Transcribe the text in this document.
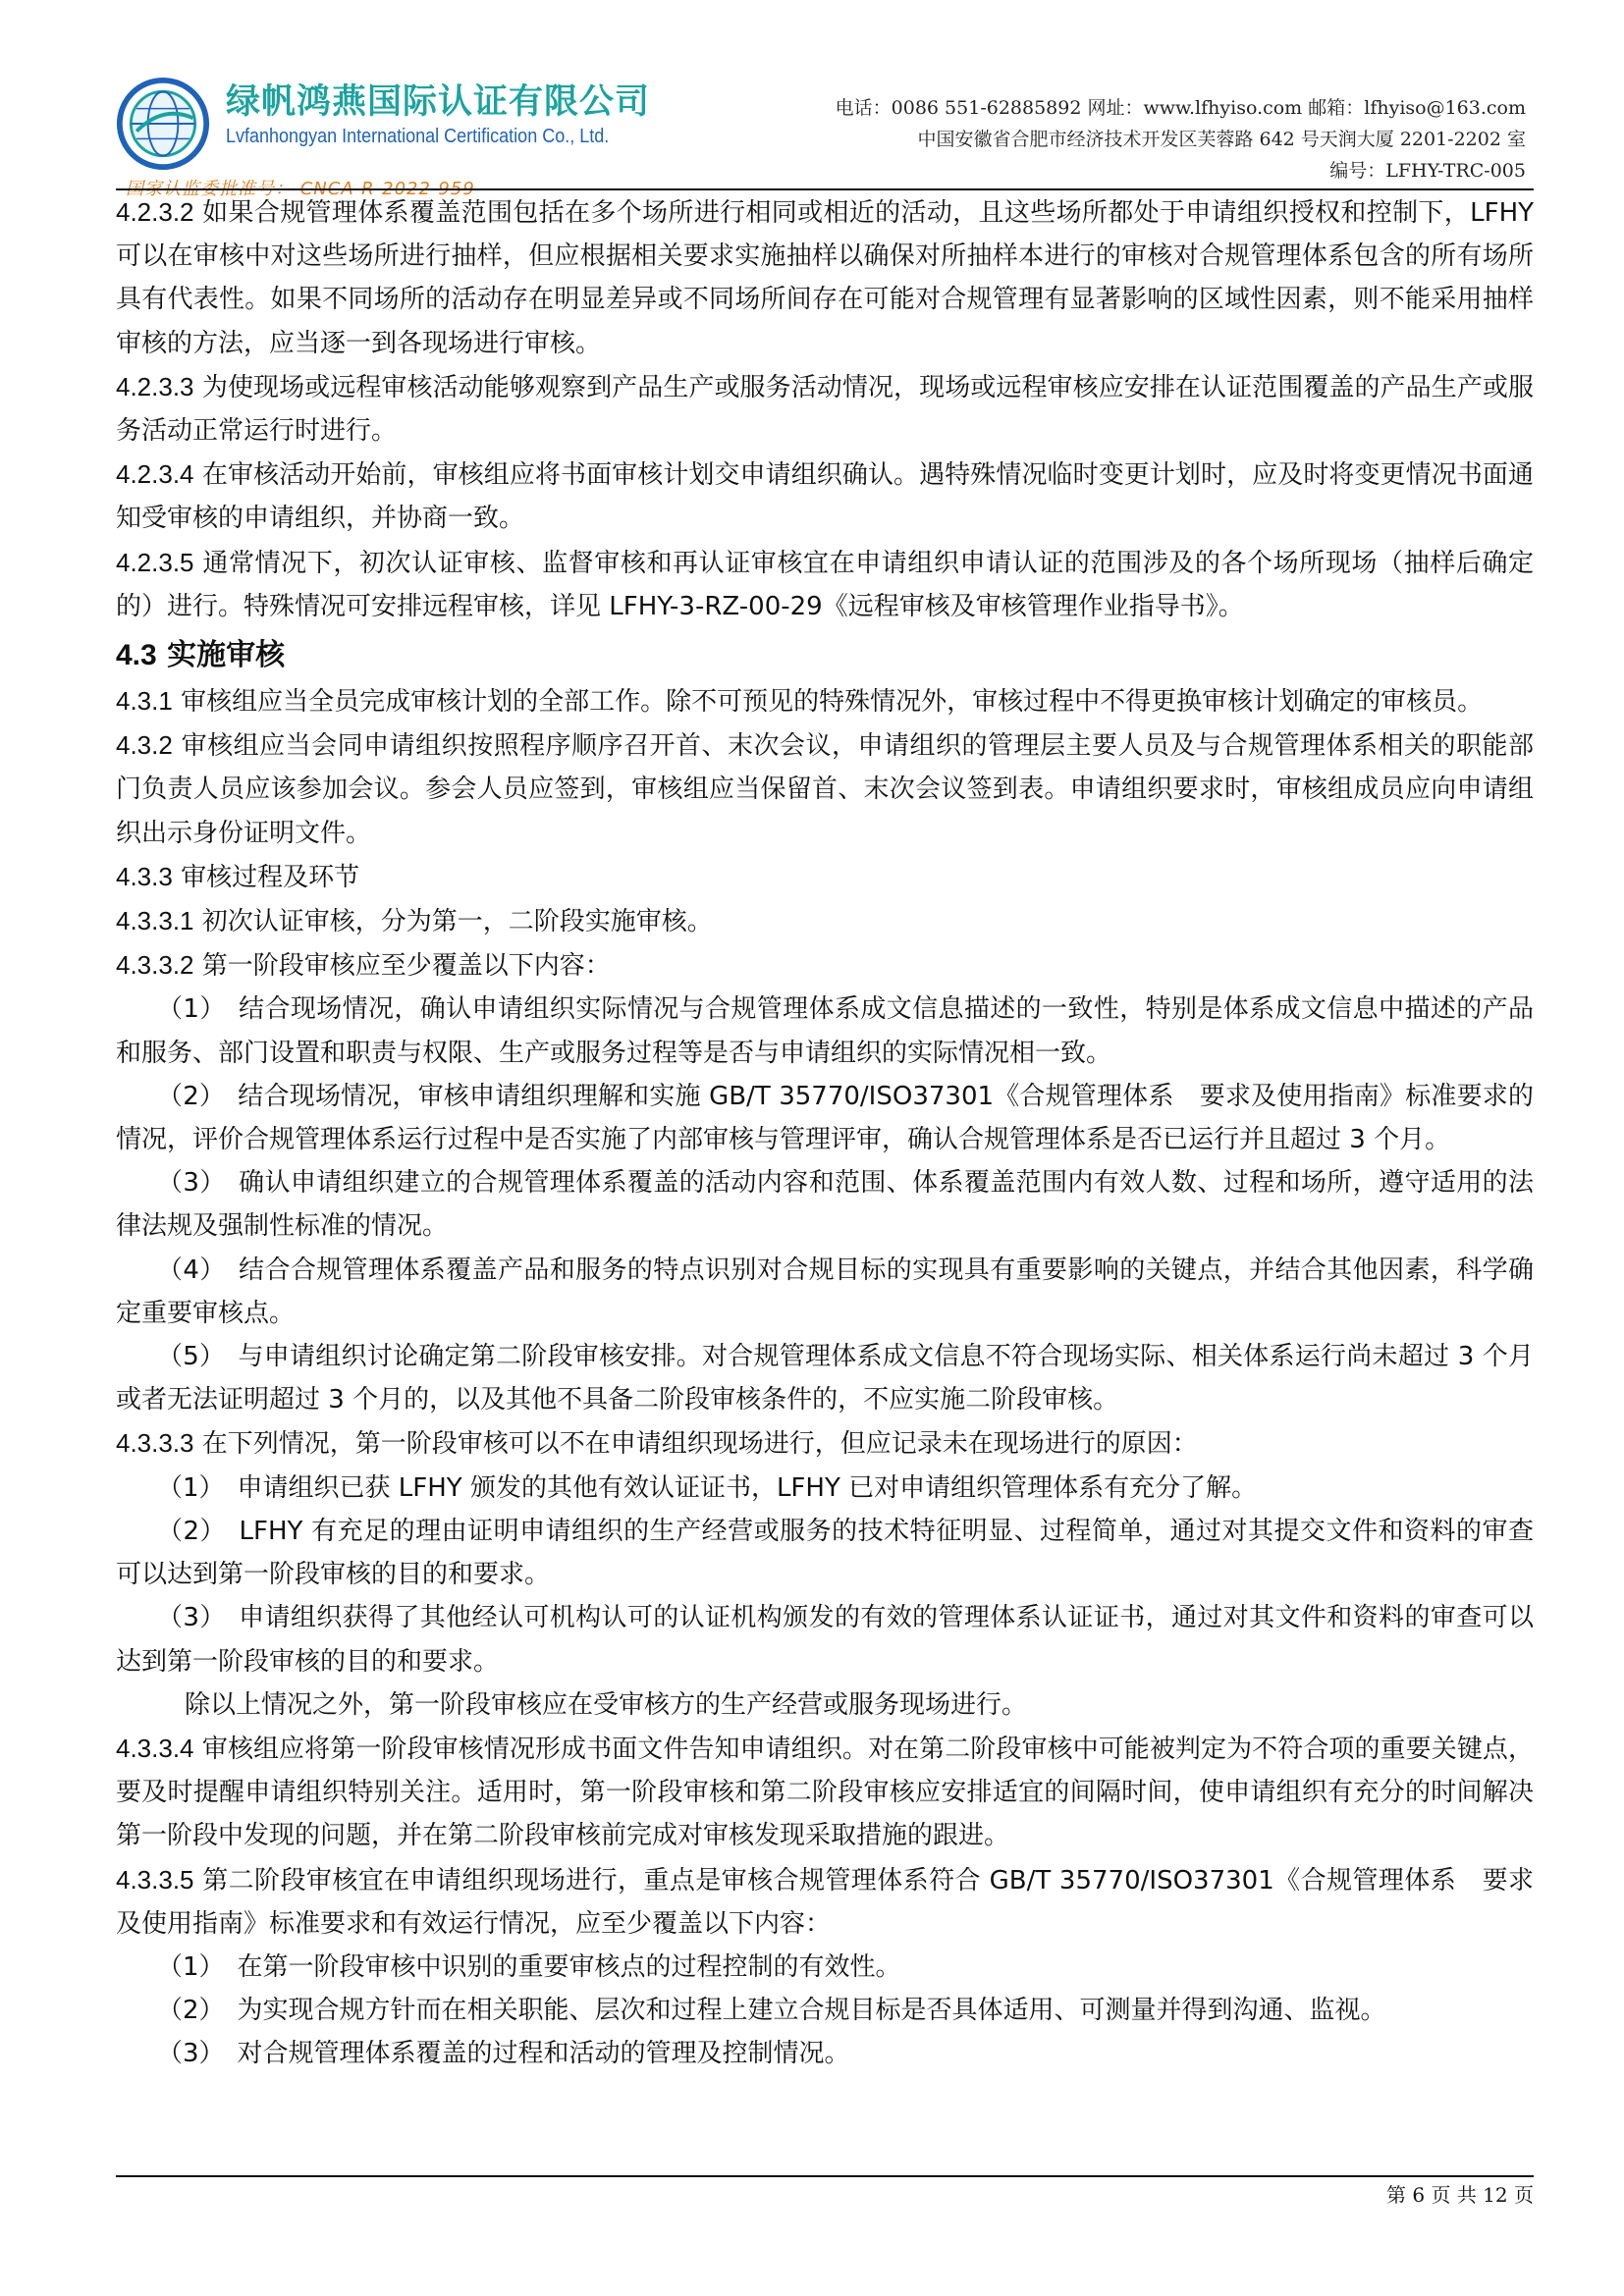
绿帆鸿燕国际认证有限公司
Lvfanhongyan International Certification Co., Ltd.
国家认监委批准号： CNCA-R-2022-959
电话：0086 551-62885892 网址：www.lfhyiso.com 邮箱：lfhyiso@163.com
中国安徽省合肥市经济技术开发区芙蓉路 642 号天润大厦 2201-2202 室
编号：LFHY-TRC-005

4.2.3.2 如果合规管理体系覆盖范围包括在多个场所进行相同或相近的活动，且这些场所都处于申请组织授权和控制下，LFHY 可以在审核中对这些场所进行抽样，但应根据相关要求实施抽样以确保对所抽样本进行的审核对合规管理体系包含的所有场所具有代表性。如果不同场所的活动存在明显差异或不同场所间存在可能对合规管理有显著影响的区域性因素，则不能采用抽样审核的方法，应当逐一到各现场进行审核。

4.2.3.3 为使现场或远程审核活动能够观察到产品生产或服务活动情况，现场或远程审核应安排在认证范围覆盖的产品生产或服务活动正常运行时进行。

4.2.3.4 在审核活动开始前，审核组应将书面审核计划交申请组织确认。遇特殊情况临时变更计划时，应及时将变更情况书面通知受审核的申请组织，并协商一致。

4.2.3.5 通常情况下，初次认证审核、监督审核和再认证审核宜在申请组织申请认证的范围涉及的各个场所现场（抽样后确定的）进行。特殊情况可安排远程审核，详见 LFHY-3-RZ-00-29《远程审核及审核管理作业指导书》。

4.3 实施审核

4.3.1 审核组应当全员完成审核计划的全部工作。除不可预见的特殊情况外，审核过程中不得更换审核计划确定的审核员。

4.3.2 审核组应当会同申请组织按照程序顺序召开首、末次会议，申请组织的管理层主要人员及与合规管理体系相关的职能部门负责人员应该参加会议。参会人员应签到，审核组应当保留首、末次会议签到表。申请组织要求时，审核组成员应向申请组织出示身份证明文件。

4.3.3 审核过程及环节

4.3.3.1 初次认证审核，分为第一，二阶段实施审核。

4.3.3.2 第一阶段审核应至少覆盖以下内容：

（1）　结合现场情况，确认申请组织实际情况与合规管理体系成文信息描述的一致性，特别是体系成文信息中描述的产品和服务、部门设置和职责与权限、生产或服务过程等是否与申请组织的实际情况相一致。

（2）　结合现场情况，审核申请组织理解和实施 GB/T 35770/ISO37301《合规管理体系　要求及使用指南》标准要求的情况，评价合规管理体系运行过程中是否实施了内部审核与管理评审，确认合规管理体系是否已运行并且超过 3 个月。

（3）　确认申请组织建立的合规管理体系覆盖的活动内容和范围、体系覆盖范围内有效人数、过程和场所，遵守适用的法律法规及强制性标准的情况。

（4）　结合合规管理体系覆盖产品和服务的特点识别对合规目标的实现具有重要影响的关键点，并结合其他因素，科学确定重要审核点。

（5）　与申请组织讨论确定第二阶段审核安排。对合规管理体系成文信息不符合现场实际、相关体系运行尚未超过 3 个月或者无法证明超过 3 个月的，以及其他不具备二阶段审核条件的，不应实施二阶段审核。

4.3.3.3 在下列情况，第一阶段审核可以不在申请组织现场进行，但应记录未在现场进行的原因：

（1）　申请组织已获 LFHY 颁发的其他有效认证证书，LFHY 已对申请组织管理体系有充分了解。

（2）　LFHY 有充足的理由证明申请组织的生产经营或服务的技术特征明显、过程简单，通过对其提交文件和资料的审查可以达到第一阶段审核的目的和要求。

（3）　申请组织获得了其他经认可机构认可的认证机构颁发的有效的管理体系认证证书，通过对其文件和资料的审查可以达到第一阶段审核的目的和要求。

除以上情况之外，第一阶段审核应在受审核方的生产经营或服务现场进行。

4.3.3.4 审核组应将第一阶段审核情况形成书面文件告知申请组织。对在第二阶段审核中可能被判定为不符合项的重要关键点，要及时提醒申请组织特别关注。适用时，第一阶段审核和第二阶段审核应安排适宜的间隔时间，使申请组织有充分的时间解决第一阶段中发现的问题，并在第二阶段审核前完成对审核发现采取措施的跟进。

4.3.3.5 第二阶段审核宜在申请组织现场进行，重点是审核合规管理体系符合 GB/T 35770/ISO37301《合规管理体系　要求及使用指南》标准要求和有效运行情况，应至少覆盖以下内容：

（1）　在第一阶段审核中识别的重要审核点的过程控制的有效性。

（2）　为实现合规方针而在相关职能、层次和过程上建立合规目标是否具体适用、可测量并得到沟通、监视。

（3）　对合规管理体系覆盖的过程和活动的管理及控制情况。

第 6 页 共 12 页
